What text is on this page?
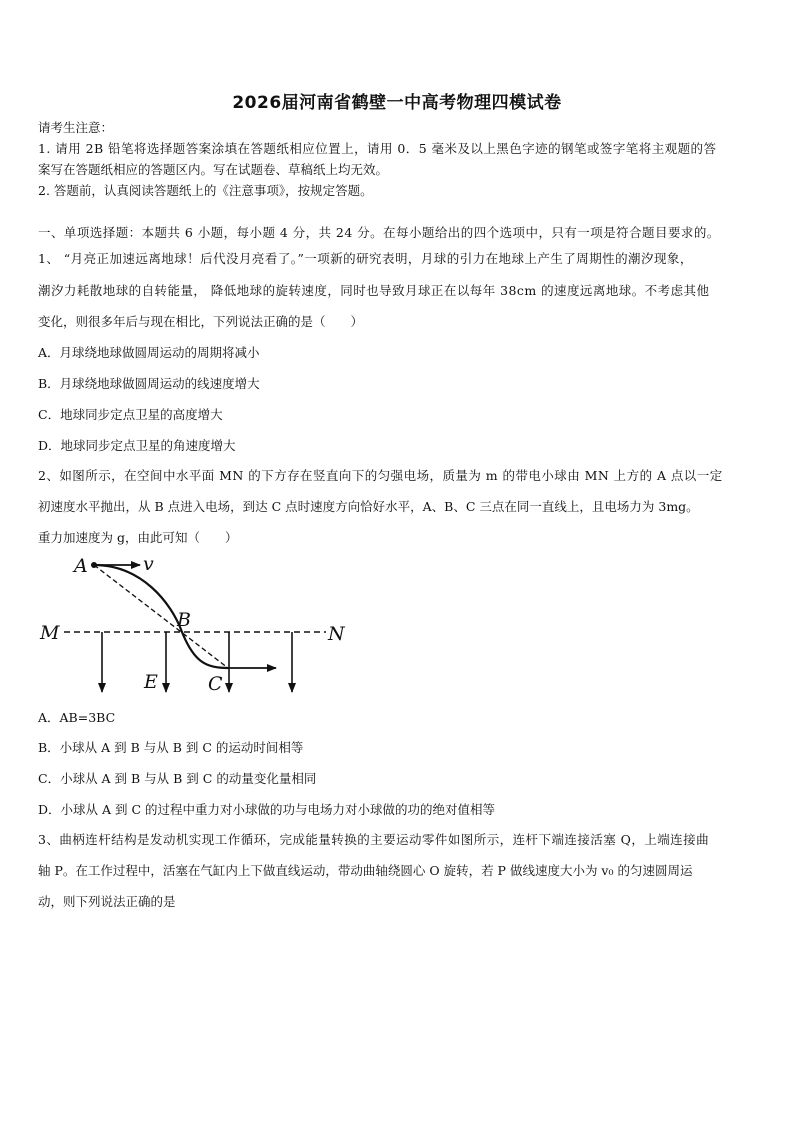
2026届河南省鹤壁一中高考物理四模试卷
请考生注意：
1. 请用 2B 铅笔将选择题答案涂填在答题纸相应位置上，请用 0．5 毫米及以上黑色字迹的钢笔或签字笔将主观题的答
案写在答题纸相应的答题区内。写在试题卷、草稿纸上均无效。
2. 答题前，认真阅读答题纸上的《注意事项》，按规定答题。
一、单项选择题：本题共 6 小题，每小题 4 分，共 24 分。在每小题给出的四个选项中，只有一项是符合题目要求的。
1、 “月亮正加速远离地球！后代没月亮看了。”一项新的研究表明，月球的引力在地球上产生了周期性的潮汐现象，
潮汐力耗散地球的自转能量， 降低地球的旋转速度，同时也导致月球正在以每年 38cm 的速度远离地球。不考虑其他
变化，则很多年后与现在相比，下列说法正确的是（　　）
A．月球绕地球做圆周运动的周期将减小
B．月球绕地球做圆周运动的线速度增大
C．地球同步定点卫星的高度增大
D．地球同步定点卫星的角速度增大
2、如图所示，在空间中水平面 MN 的下方存在竖直向下的匀强电场，质量为 m 的带电小球由 MN 上方的 A 点以一定
初速度水平抛出，从 B 点进入电场，到达 C 点时速度方向恰好水平，A、B、C 三点在同一直线上，且电场力为 3mg。
重力加速度为 g，由此可知（　　）
A	v
B
M	N
E	C
A．AB=3BC
B．小球从 A 到 B 与从 B 到 C 的运动时间相等
C．小球从 A 到 B 与从 B 到 C 的动量变化量相同
D．小球从 A 到 C 的过程中重力对小球做的功与电场力对小球做的功的绝对值相等
3、曲柄连杆结构是发动机实现工作循环，完成能量转换的主要运动零件如图所示，连杆下端连接活塞 Q，上端连接曲
轴 P。在工作过程中，活塞在气缸内上下做直线运动，带动曲轴绕圆心 O 旋转，若 P 做线速度大小为 v₀ 的匀速圆周运
动，则下列说法正确的是
